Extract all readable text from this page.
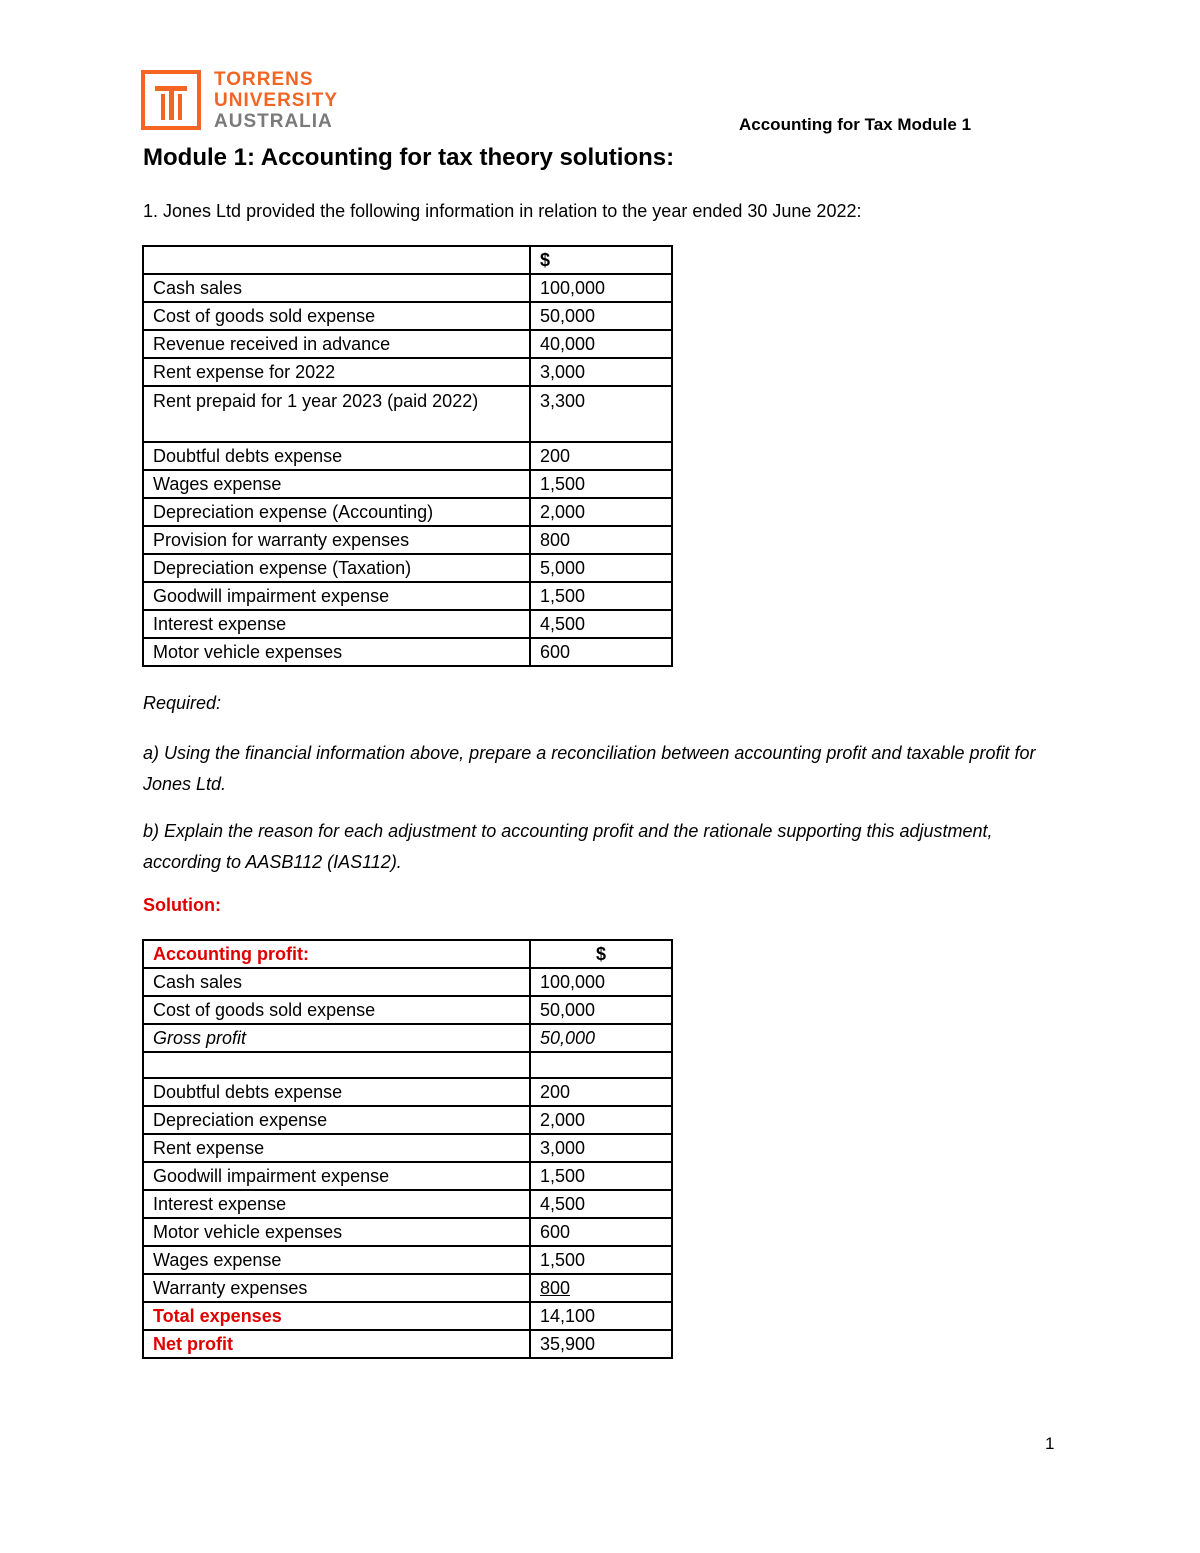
TORRENS
UNIVERSITY
AUSTRALIA	Accounting for Tax Module 1
Module 1: Accounting for tax theory solutions:
1. Jones Ltd provided the following information in relation to the year ended 30 June 2022:
	$
Cash sales	100,000
Cost of goods sold expense	50,000
Revenue received in advance	40,000
Rent expense for 2022	3,000
Rent prepaid for 1 year 2023 (paid 2022)	3,300
Doubtful debts expense	200
Wages expense	1,500
Depreciation expense (Accounting)	2,000
Provision for warranty expenses	800
Depreciation expense (Taxation)	5,000
Goodwill impairment expense	1,500
Interest expense	4,500
Motor vehicle expenses	600
Required:
a) Using the financial information above, prepare a reconciliation between accounting profit and taxable profit for Jones Ltd.
b) Explain the reason for each adjustment to accounting profit and the rationale supporting this adjustment, according to AASB112 (IAS112).
Solution:
Accounting profit:	$
Cash sales	100,000
Cost of goods sold expense	50,000
Gross profit	50,000

Doubtful debts expense	200
Depreciation expense	2,000
Rent expense	3,000
Goodwill impairment expense	1,500
Interest expense	4,500
Motor vehicle expenses	600
Wages expense	1,500
Warranty expenses	800
Total expenses	14,100
Net profit	35,900
1
